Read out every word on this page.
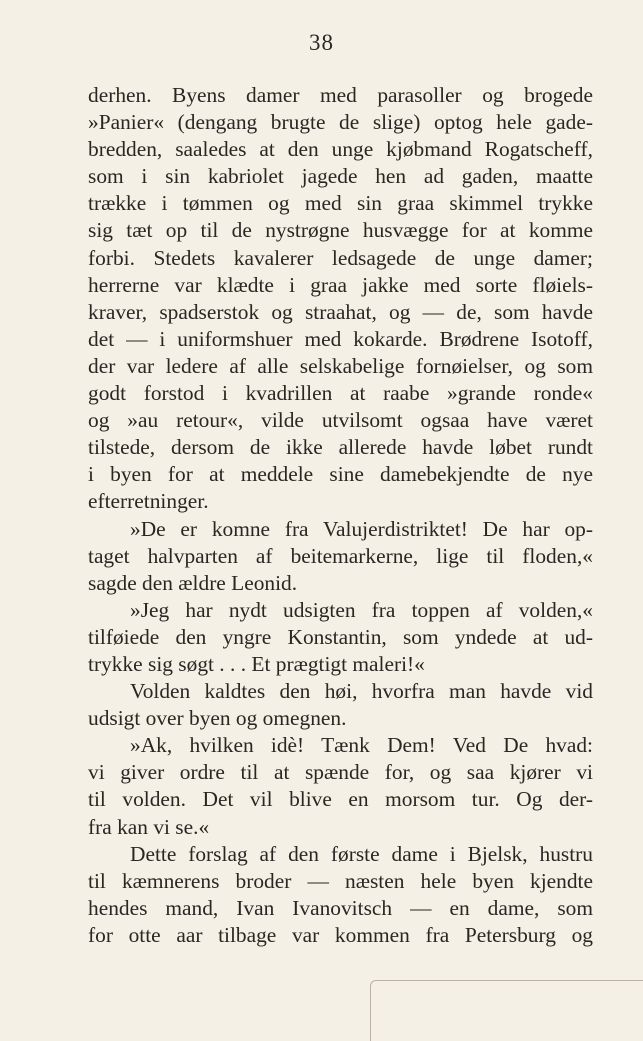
38
derhen. Byens damer med parasoller og brogede
»Panier« (dengang brugte de slige) optog hele gade-
bredden, saaledes at den unge kjøbmand Rogatscheff,
som i sin kabriolet jagede hen ad gaden, maatte
trække i tømmen og med sin graa skimmel trykke
sig tæt op til de nystrøgne husvægge for at komme
forbi. Stedets kavalerer ledsagede de unge damer;
herrerne var klædte i graa jakke med sorte fløiels-
kraver, spadserstok og straahat, og — de, som havde
det — i uniformshuer med kokarde. Brødrene Isotoff,
der var ledere af alle selskabelige fornøielser, og som
godt forstod i kvadrillen at raabe »grande ronde«
og »au retour«, vilde utvilsomt ogsaa have været
tilstede, dersom de ikke allerede havde løbet rundt
i byen for at meddele sine damebekjendte de nye
efterretninger.
»De er komne fra Valujerdistriktet! De har op-
taget halvparten af beitemarkerne, lige til floden,«
sagde den ældre Leonid.
»Jeg har nydt udsigten fra toppen af volden,«
tilføiede den yngre Konstantin, som yndede at ud-
trykke sig søgt . . . Et prægtigt maleri!«
Volden kaldtes den høi, hvorfra man havde vid
udsigt over byen og omegnen.
»Ak, hvilken idè! Tænk Dem! Ved De hvad:
vi giver ordre til at spænde for, og saa kjører vi
til volden. Det vil blive en morsom tur. Og der-
fra kan vi se.«
Dette forslag af den første dame i Bjelsk, hustru
til kæmnerens broder — næsten hele byen kjendte
hendes mand, Ivan Ivanovitsch — en dame, som
for otte aar tilbage var kommen fra Petersburg og
